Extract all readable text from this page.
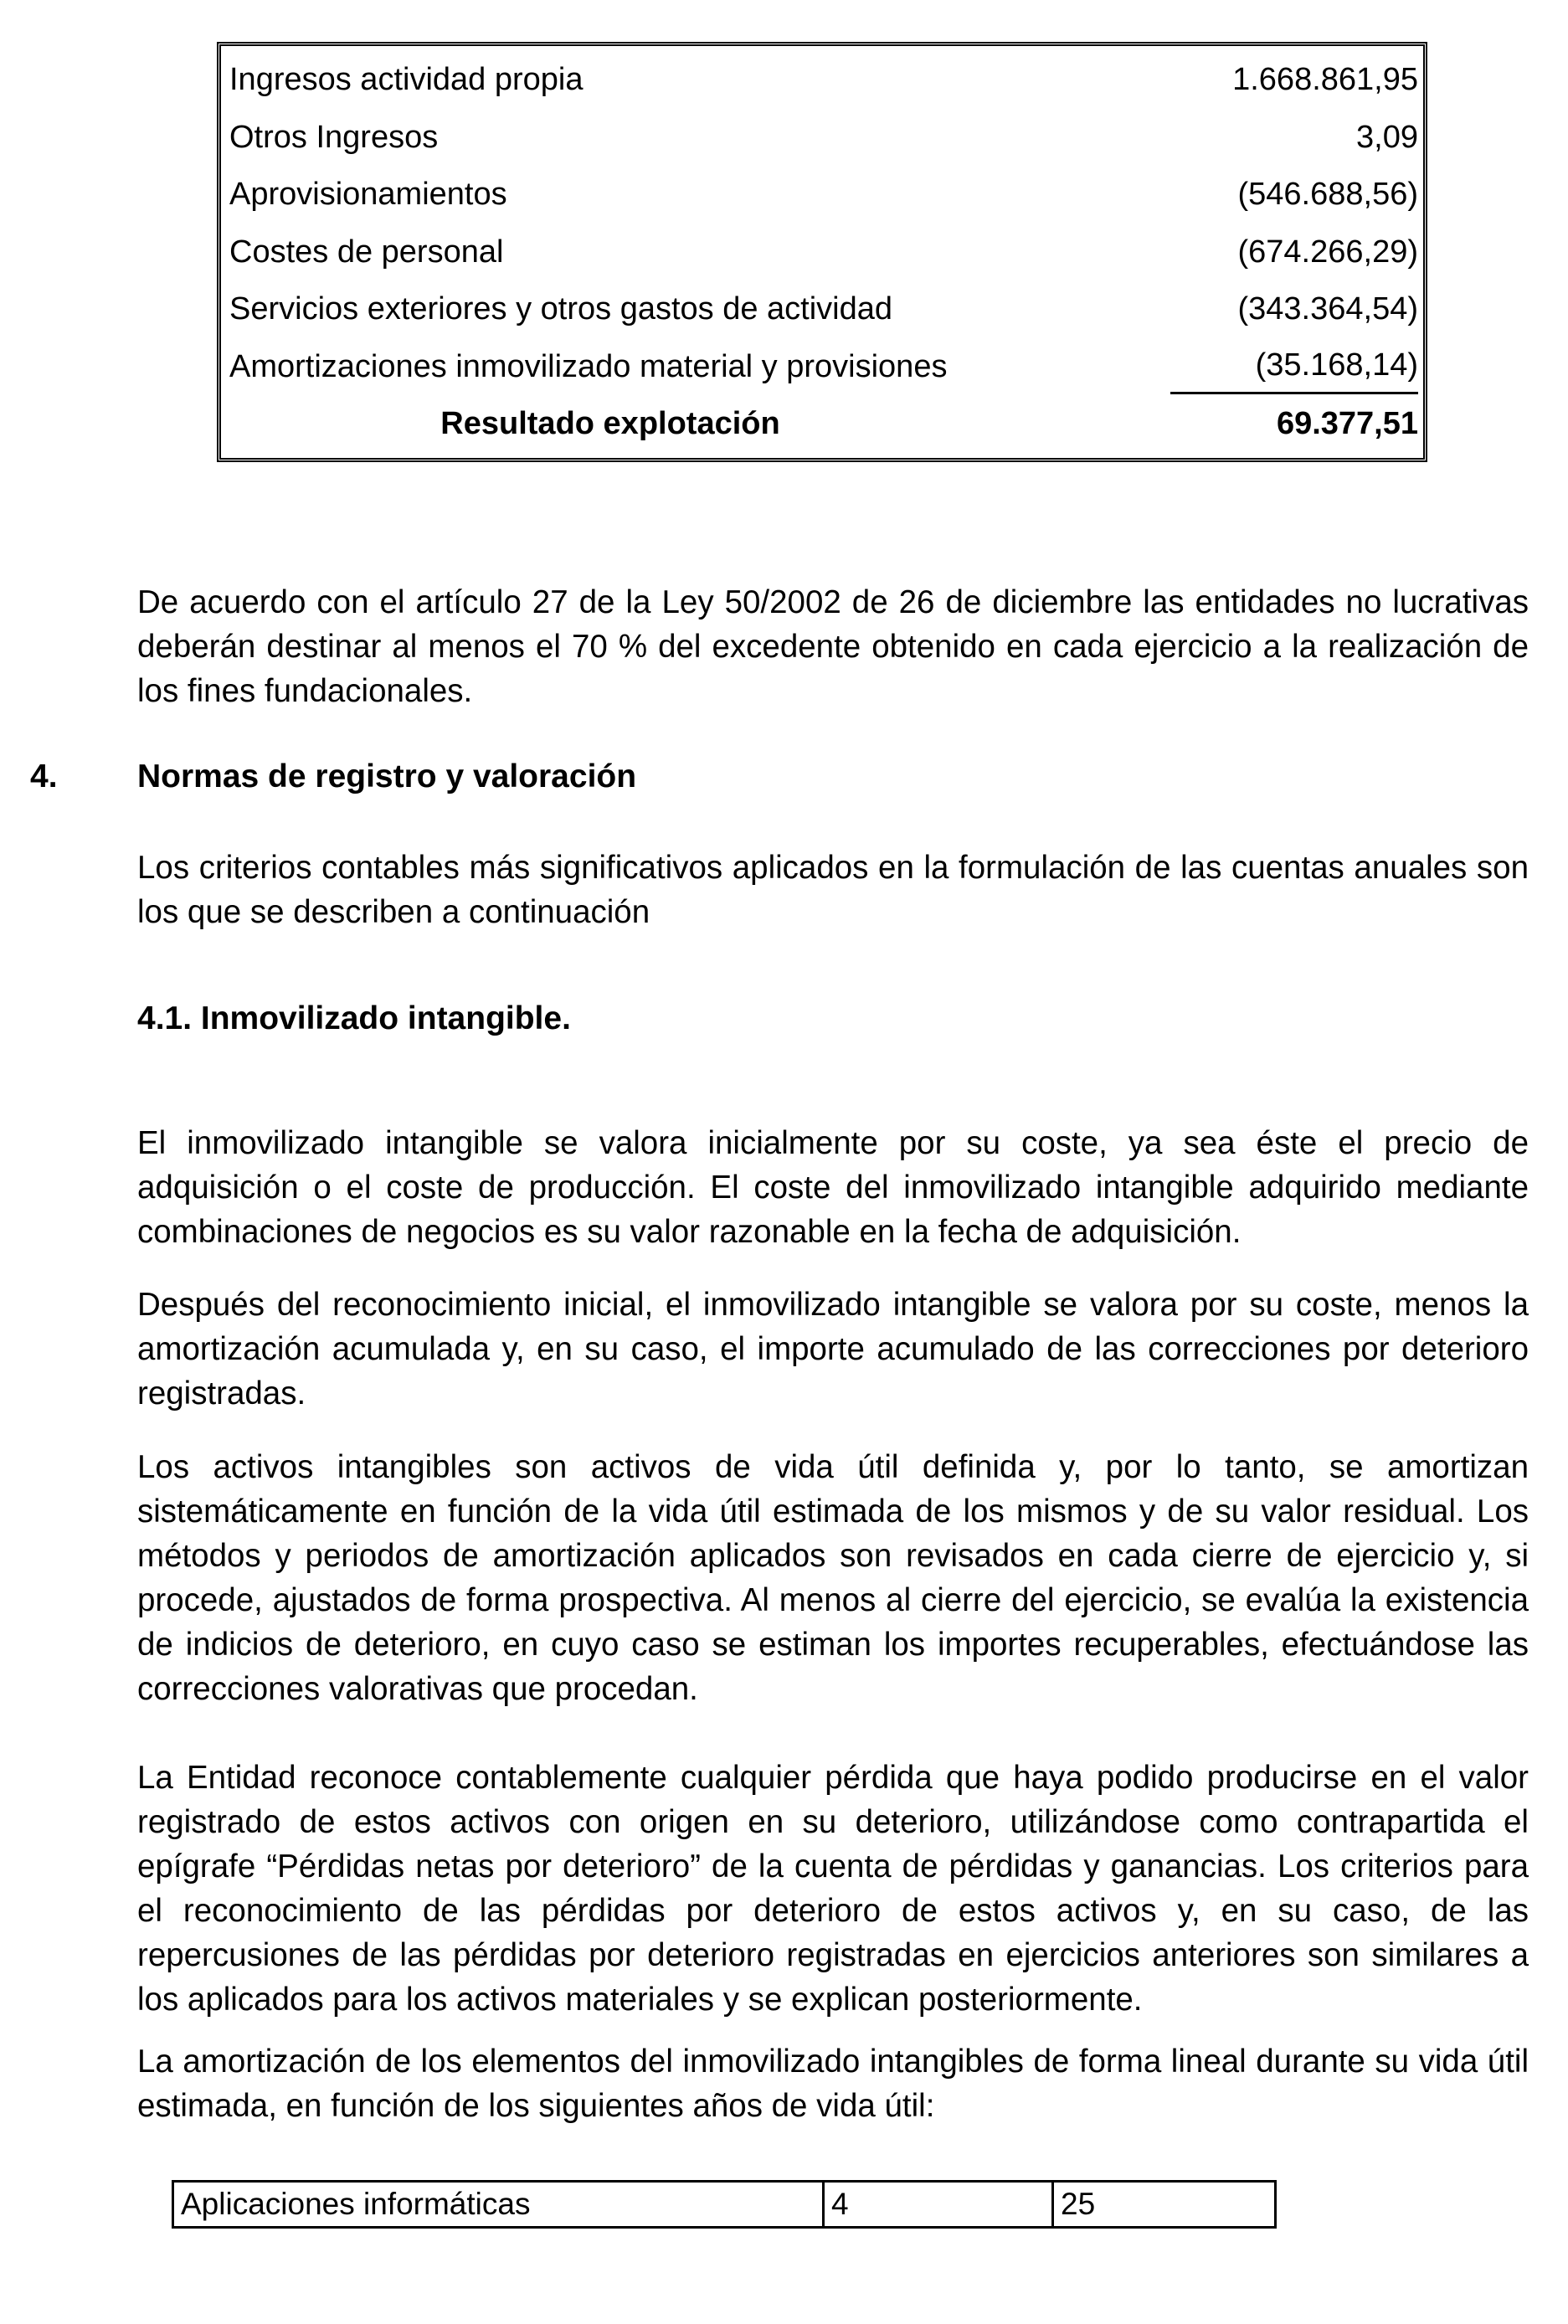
Ingresos actividad propia	1.668.861,95
Otros Ingresos	3,09
Aprovisionamientos	(546.688,56)
Costes de personal	(674.266,29)
Servicios exteriores y otros gastos de actividad	(343.364,54)
Amortizaciones inmovilizado material y provisiones	(35.168,14)
Resultado explotación	69.377,51

De acuerdo con el artículo 27 de la Ley 50/2002 de 26 de diciembre las entidades no lucrativas deberán destinar al menos el 70 % del excedente obtenido en cada ejercicio a la realización de los fines fundacionales.

4. Normas de registro y valoración

Los criterios contables más significativos aplicados en la formulación de las cuentas anuales son los que se describen a continuación

4.1. Inmovilizado intangible.

El inmovilizado intangible se valora inicialmente por su coste, ya sea éste el precio de adquisición o el coste de producción. El coste del inmovilizado intangible adquirido mediante combinaciones de negocios es su valor razonable en la fecha de adquisición.

Después del reconocimiento inicial, el inmovilizado intangible se valora por su coste, menos la amortización acumulada y, en su caso, el importe acumulado de las correcciones por deterioro registradas.

Los activos intangibles son activos de vida útil definida y, por lo tanto, se amortizan sistemáticamente en función de la vida útil estimada de los mismos y de su valor residual. Los métodos y periodos de amortización aplicados son revisados en cada cierre de ejercicio y, si procede, ajustados de forma prospectiva. Al menos al cierre del ejercicio, se evalúa la existencia de indicios de deterioro, en cuyo caso se estiman los importes recuperables, efectuándose las correcciones valorativas que procedan.

La Entidad reconoce contablemente cualquier pérdida que haya podido producirse en el valor registrado de estos activos con origen en su deterioro, utilizándose como contrapartida el epígrafe “Pérdidas netas por deterioro” de la cuenta de pérdidas y ganancias. Los criterios para el reconocimiento de las pérdidas por deterioro de estos activos y, en su caso, de las repercusiones de las pérdidas por deterioro registradas en ejercicios anteriores son similares a los aplicados para los activos materiales y se explican posteriormente.

La amortización de los elementos del inmovilizado intangibles de forma lineal durante su vida útil estimada, en función de los siguientes años de vida útil:

Aplicaciones informáticas	4	25
